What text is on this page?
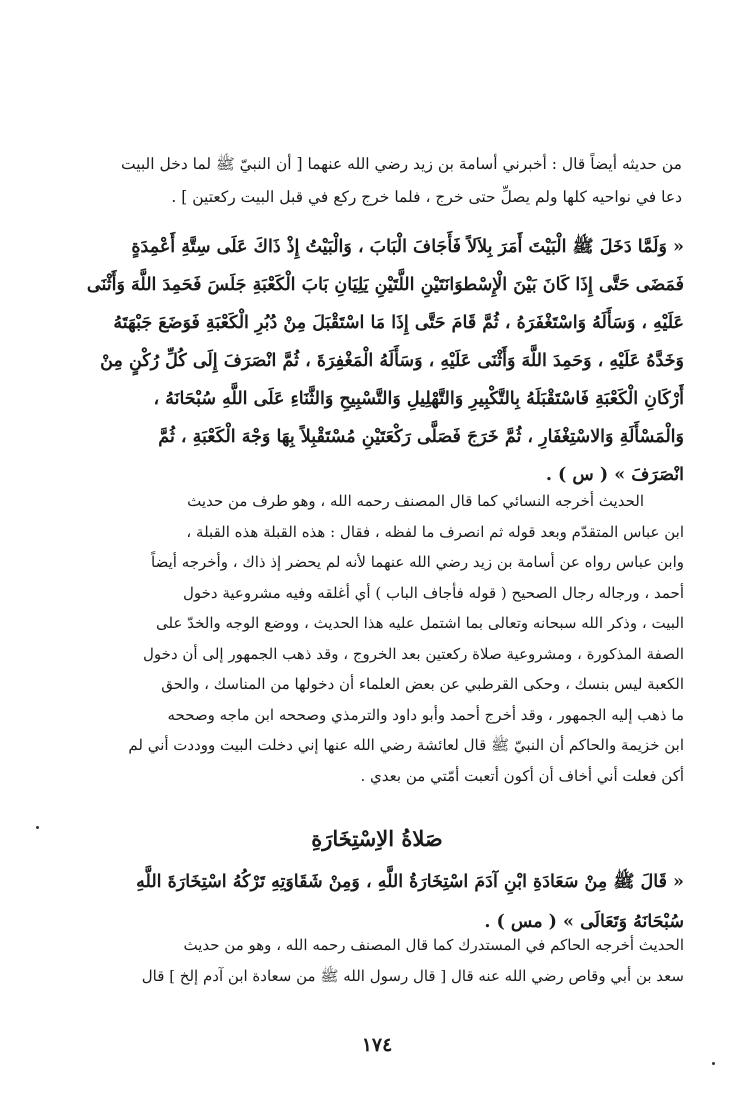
من حديثه أيضاً قال : أخبرني أسامة بن زيد رضي الله عنهما [ أن النبيّ ﷺ لما دخل البيت
دعا في نواحيه كلها ولم يصلِّ حتى خرج ، فلما خرج ركع في قبل البيت ركعتين ] .
« وَلَمَّا دَخَلَ ﷺ الْبَيْتَ أَمَرَ بِلاَلاً فَأَجَافَ الْبَابَ ، وَالْبَيْتُ إِذْ ذَاكَ عَلَى سِتَّةِ أَعْمِدَةٍ
فَمَضَى حَتَّى إِذَا كَانَ بَيْنَ الْإِسْطوَانَتَيْنِ اللَّتَيْنِ يَلِيَانِ بَابَ الْكَعْبَةِ جَلَسَ فَحَمِدَ اللَّهَ وَأَثْنَى
عَلَيْهِ ، وَسَأَلَهُ وَاسْتَغْفَرَهُ ، ثُمَّ قَامَ حَتَّى إِذَا مَا اسْتَقْبَلَ مِنْ دُبُرِ الْكَعْبَةِ فَوَضَعَ جَبْهَتَهُ
وَخَدَّهُ عَلَيْهِ ، وَحَمِدَ اللَّهَ وَأَثْنَى عَلَيْهِ ، وَسَأَلَهُ الْمَغْفِرَةَ ، ثُمَّ انْصَرَفَ إِلَى كُلِّ رُكْنٍ مِنْ
أَرْكَانِ الْكَعْبَةِ فَاسْتَقْبَلَهُ بِالتَّكْبِيرِ وَالتَّهْلِيلِ وَالتَّسْبِيحِ وَالثَّنَاءِ عَلَى اللَّهِ سُبْحَانَهُ ،
وَالْمَسْأَلَةِ وَالاسْتِغْفَارِ ، ثُمَّ خَرَجَ فَصَلَّى رَكْعَتَيْنِ مُسْتَقْبِلاً بِهَا وَجْهَ الْكَعْبَةِ ، ثُمَّ
انْصَرَفَ » ( س ) .
الحديث أخرجه النسائي كما قال المصنف رحمه الله ، وهو طرف من حديث
ابن عباس المتقدّم وبعد قوله ثم انصرف ما لفظه ، فقال : هذه القبلة هذه القبلة ،
وابن عباس رواه عن أسامة بن زيد رضي الله عنهما لأنه لم يحضر إذ ذاك ، وأخرجه أيضاً
أحمد ، ورجاله رجال الصحيح ( قوله فأجاف الباب ) أي أغلقه وفيه مشروعية دخول
البيت ، وذكر الله سبحانه وتعالى بما اشتمل عليه هذا الحديث ، ووضع الوجه والخدّ على
الصفة المذكورة ، ومشروعية صلاة ركعتين بعد الخروج ، وقد ذهب الجمهور إلى أن دخول
الكعبة ليس بنسك ، وحكى القرطبي عن بعض العلماء أن دخولها من المناسك ، والحق
ما ذهب إليه الجمهور ، وقد أخرج أحمد وأبو داود والترمذي وصححه ابن ماجه وصححه
ابن خزيمة والحاكم أن النبيّ ﷺ قال لعائشة رضي الله عنها إني دخلت البيت ووددت أني لم
أكن فعلت أني أخاف أن أكون أتعبت أمّتي من بعدي .
صَلاةُ الاِسْتِخَارَةِ
« قَالَ ﷺ مِنْ سَعَادَةِ ابْنِ آدَمَ اسْتِخَارَةُ اللَّهِ ، وَمِنْ شَقَاوَتِهِ تَرْكُهُ اسْتِخَارَةَ اللَّهِ
سُبْحَانَهُ وَتَعَالَى » ( مس ) .
الحديث أخرجه الحاكم في المستدرك كما قال المصنف رحمه الله ، وهو من حديث
سعد بن أبي وقاص رضي الله عنه قال [ قال رسول الله ﷺ من سعادة ابن آدم إلخ ] قال
١٧٤
